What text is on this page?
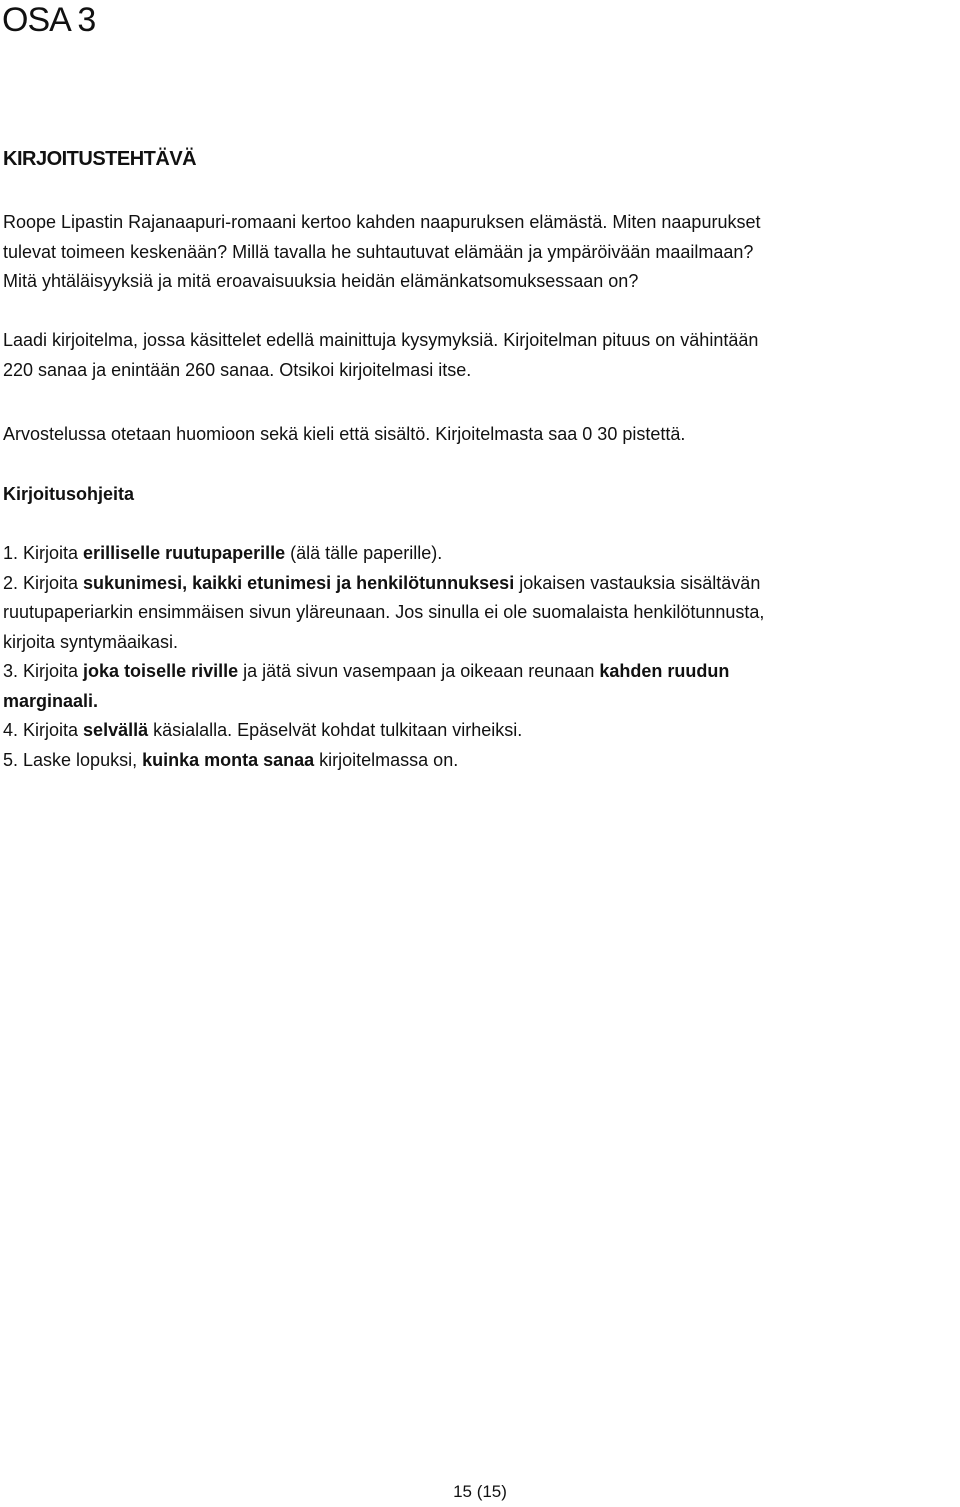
OSA 3
KIRJOITUSTEHTÄVÄ
Roope Lipastin Rajanaapuri-romaani kertoo kahden naapuruksen elämästä. Miten naapurukset
tulevat toimeen keskenään? Millä tavalla he suhtautuvat elämään ja ympäröivään maailmaan?
Mitä yhtäläisyyksiä ja mitä eroavaisuuksia heidän elämänkatsomuksessaan on?
Laadi kirjoitelma, jossa käsittelet edellä mainittuja kysymyksiä. Kirjoitelman pituus on vähintään
220 sanaa ja enintään 260 sanaa. Otsikoi kirjoitelmasi itse.
Arvostelussa otetaan huomioon sekä kieli että sisältö. Kirjoitelmasta saa 0 30 pistettä.
Kirjoitusohjeita
1. Kirjoita erilliselle ruutupaperille (älä tälle paperille).
2. Kirjoita sukunimesi, kaikki etunimesi ja henkilötunnuksesi jokaisen vastauksia sisältävän
ruutupaperiarkin ensimmäisen sivun yläreunaan. Jos sinulla ei ole suomalaista henkilötunnusta,
kirjoita syntymäaikasi.
3. Kirjoita joka toiselle riville ja jätä sivun vasempaan ja oikeaan reunaan kahden ruudun
marginaali.
4. Kirjoita selvällä käsialalla. Epäselvät kohdat tulkitaan virheiksi.
5. Laske lopuksi, kuinka monta sanaa kirjoitelmassa on.
15 (15)
